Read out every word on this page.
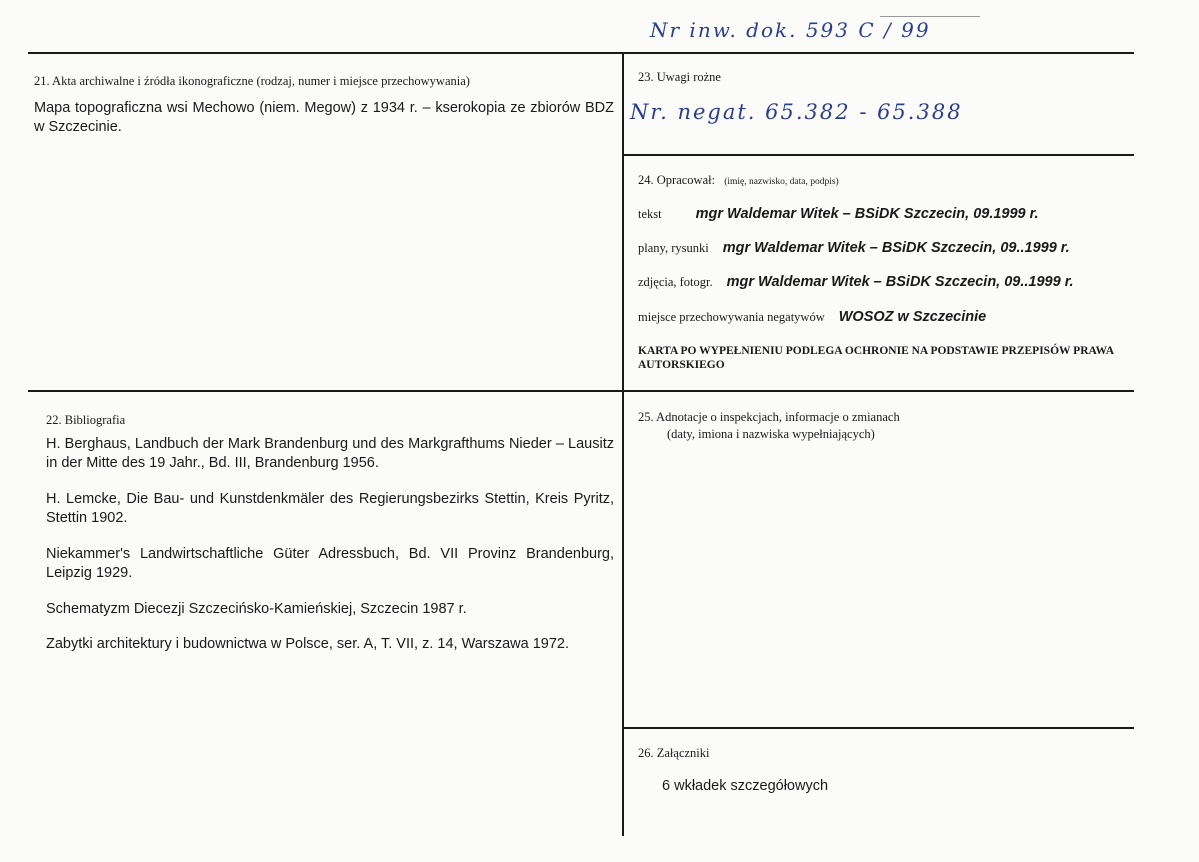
Nr inw. dok. 593 C / 99
21. Akta archiwalne i źródła ikonograficzne (rodzaj, numer i miejsce przechowywania)
Mapa topograficzna wsi Mechowo (niem. Megow) z 1934 r. – kserokopia ze zbiorów BDZ w Szczecinie.
23. Uwagi rożne
Nr. negat. 65.382 - 65.388
24. Opracował: (imię, nazwisko, data, podpis)
tekst mgr Waldemar Witek – BSiDK Szczecin, 09.1999 r.
plany, rysunki mgr Waldemar Witek – BSiDK Szczecin, 09..1999 r.
zdjęcia, fotogr. mgr Waldemar Witek – BSiDK Szczecin, 09..1999 r.
miejsce przechowywania negatywów WOSOZ w Szczecinie
KARTA PO WYPEŁNIENIU PODLEGA OCHRONIE NA PODSTAWIE PRZEPISÓW PRAWA AUTORSKIEGO
22. Bibliografia
H. Berghaus, Landbuch der Mark Brandenburg und des Markgrafthums Nieder – Lausitz in der Mitte des 19 Jahr., Bd. III, Brandenburg 1956.
H. Lemcke, Die Bau- und Kunstdenkmäler des Regierungsbezirks Stettin, Kreis Pyritz, Stettin 1902.
Niekammer's Landwirtschaftliche Güter Adressbuch, Bd. VII Provinz Brandenburg, Leipzig 1929.
Schematyzm Diecezji Szczecińsko-Kamieńskiej, Szczecin 1987 r.
Zabytki architektury i budownictwa w Polsce, ser. A, T. VII, z. 14, Warszawa 1972.
25. Adnotacje o inspekcjach, informacje o zmianach
(daty, imiona i nazwiska wypełniających)
26. Załączniki
6 wkładek szczegółowych
